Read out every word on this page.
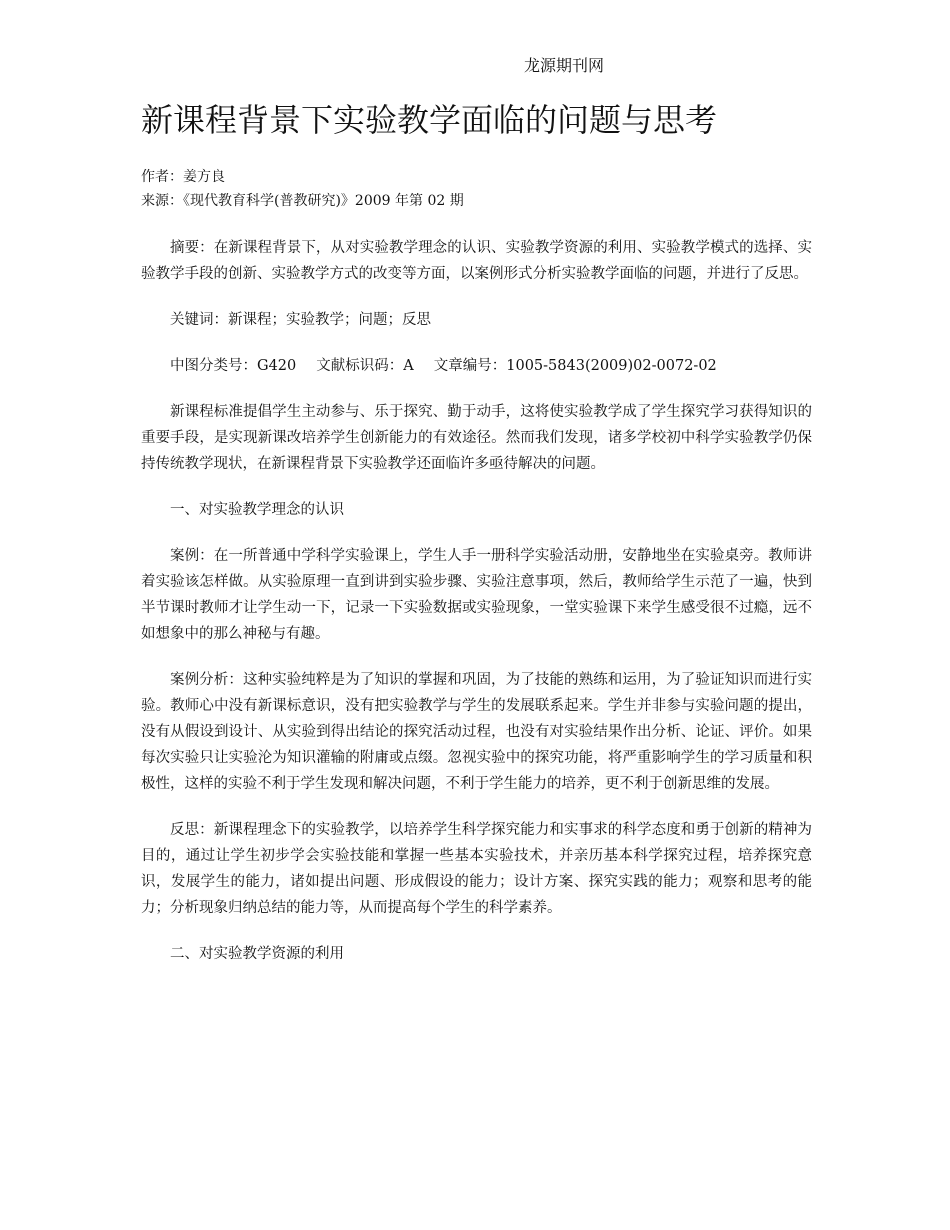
龙源期刊网
新课程背景下实验教学面临的问题与思考
作者：姜方良
来源：《现代教育科学(普教研究)》2009 年第 02 期

摘要：在新课程背景下，从对实验教学理念的认识、实验教学资源的利用、实验教学模式的选择、实验教学手段的创新、实验教学方式的改变等方面，以案例形式分析实验教学面临的问题，并进行了反思。

关键词：新课程；实验教学；问题；反思

中图分类号：G420 文献标识码：A 文章编号：1005-5843(2009)02-0072-02

新课程标准提倡学生主动参与、乐于探究、勤于动手，这将使实验教学成了学生探究学习获得知识的重要手段，是实现新课改培养学生创新能力的有效途径。然而我们发现，诸多学校初中科学实验教学仍保持传统教学现状，在新课程背景下实验教学还面临许多亟待解决的问题。

一、对实验教学理念的认识

案例：在一所普通中学科学实验课上，学生人手一册科学实验活动册，安静地坐在实验桌旁。教师讲着实验该怎样做。从实验原理一直到讲到实验步骤、实验注意事项，然后，教师给学生示范了一遍，快到半节课时教师才让学生动一下，记录一下实验数据或实验现象，一堂实验课下来学生感受很不过瘾，远不如想象中的那么神秘与有趣。

案例分析：这种实验纯粹是为了知识的掌握和巩固，为了技能的熟练和运用，为了验证知识而进行实验。教师心中没有新课标意识，没有把实验教学与学生的发展联系起来。学生并非参与实验问题的提出，没有从假设到设计、从实验到得出结论的探究活动过程，也没有对实验结果作出分析、论证、评价。如果每次实验只让实验沦为知识灌输的附庸或点缀。忽视实验中的探究功能，将严重影响学生的学习质量和积极性，这样的实验不利于学生发现和解决问题，不利于学生能力的培养，更不利于创新思维的发展。

反思：新课程理念下的实验教学，以培养学生科学探究能力和实事求的科学态度和勇于创新的精神为目的，通过让学生初步学会实验技能和掌握一些基本实验技术，并亲历基本科学探究过程，培养探究意识，发展学生的能力，诸如提出问题、形成假设的能力；设计方案、探究实践的能力；观察和思考的能力；分析现象归纳总结的能力等，从而提高每个学生的科学素养。

二、对实验教学资源的利用
